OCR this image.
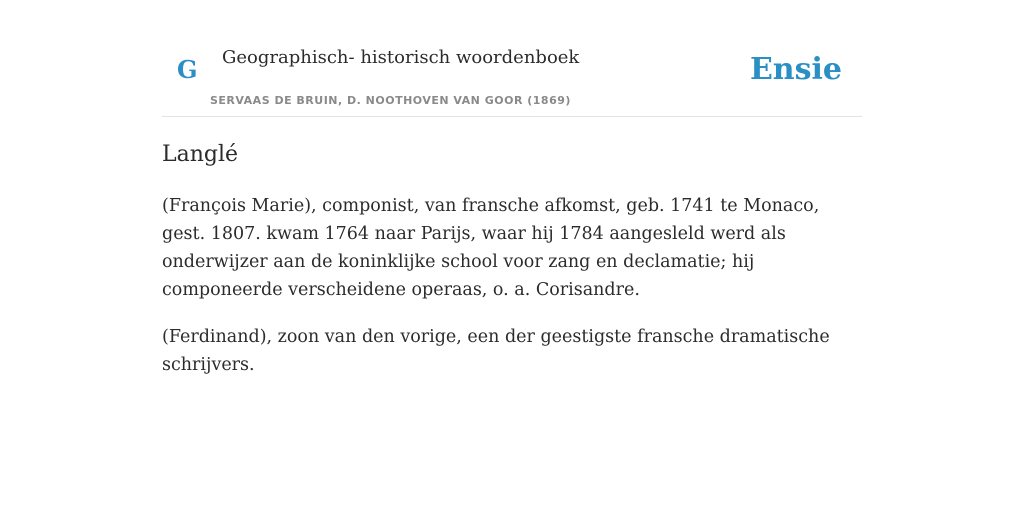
G Geographisch- historisch woordenboek
SERVAAS DE BRUIN, D. NOOTHOVEN VAN GOOR (1869)
Ensie
Langlé

(François Marie), componist, van fransche afkomst, geb. 1741 te Monaco, gest. 1807. kwam 1764 naar Parijs, waar hij 1784 aangesleld werd als onderwijzer aan de koninklijke school voor zang en declamatie; hij componeerde verscheidene operaas, o. a. Corisandre.

(Ferdinand), zoon van den vorige, een der geestigste fransche dramatische schrijvers.
